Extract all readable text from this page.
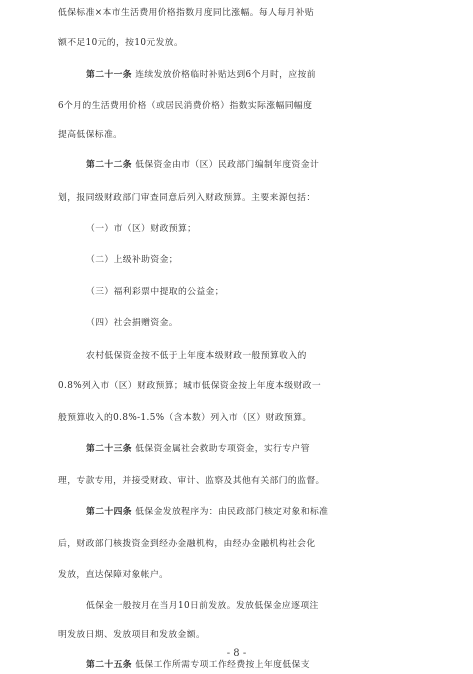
低保标准×本市生活费用价格指数月度同比涨幅。每人每月补贴
额不足10元的，按10元发放。
第二十一条 连续发放价格临时补贴达到6个月时，应按前
6个月的生活费用价格（或居民消费价格）指数实际涨幅同幅度
提高低保标准。
第二十二条 低保资金由市（区）民政部门编制年度资金计
划，报同级财政部门审查同意后列入财政预算。主要来源包括：
（一）市（区）财政预算；
（二）上级补助资金；
（三）福利彩票中提取的公益金；
（四）社会捐赠资金。
农村低保资金按不低于上年度本级财政一般预算收入的
0.8%列入市（区）财政预算；城市低保资金按上年度本级财政一
般预算收入的0.8%-1.5%（含本数）列入市（区）财政预算。
第二十三条 低保资金属社会救助专项资金，实行专户管
理，专款专用，并接受财政、审计、监察及其他有关部门的监督。
第二十四条 低保金发放程序为：由民政部门核定对象和标准
后，财政部门核拨资金到经办金融机构，由经办金融机构社会化
发放，直达保障对象帐户。
低保金一般按月在当月10日前发放。发放低保金应逐项注
明发放日期、发放项目和发放金额。
第二十五条 低保工作所需专项工作经费按上年度低保支
- 8 -
